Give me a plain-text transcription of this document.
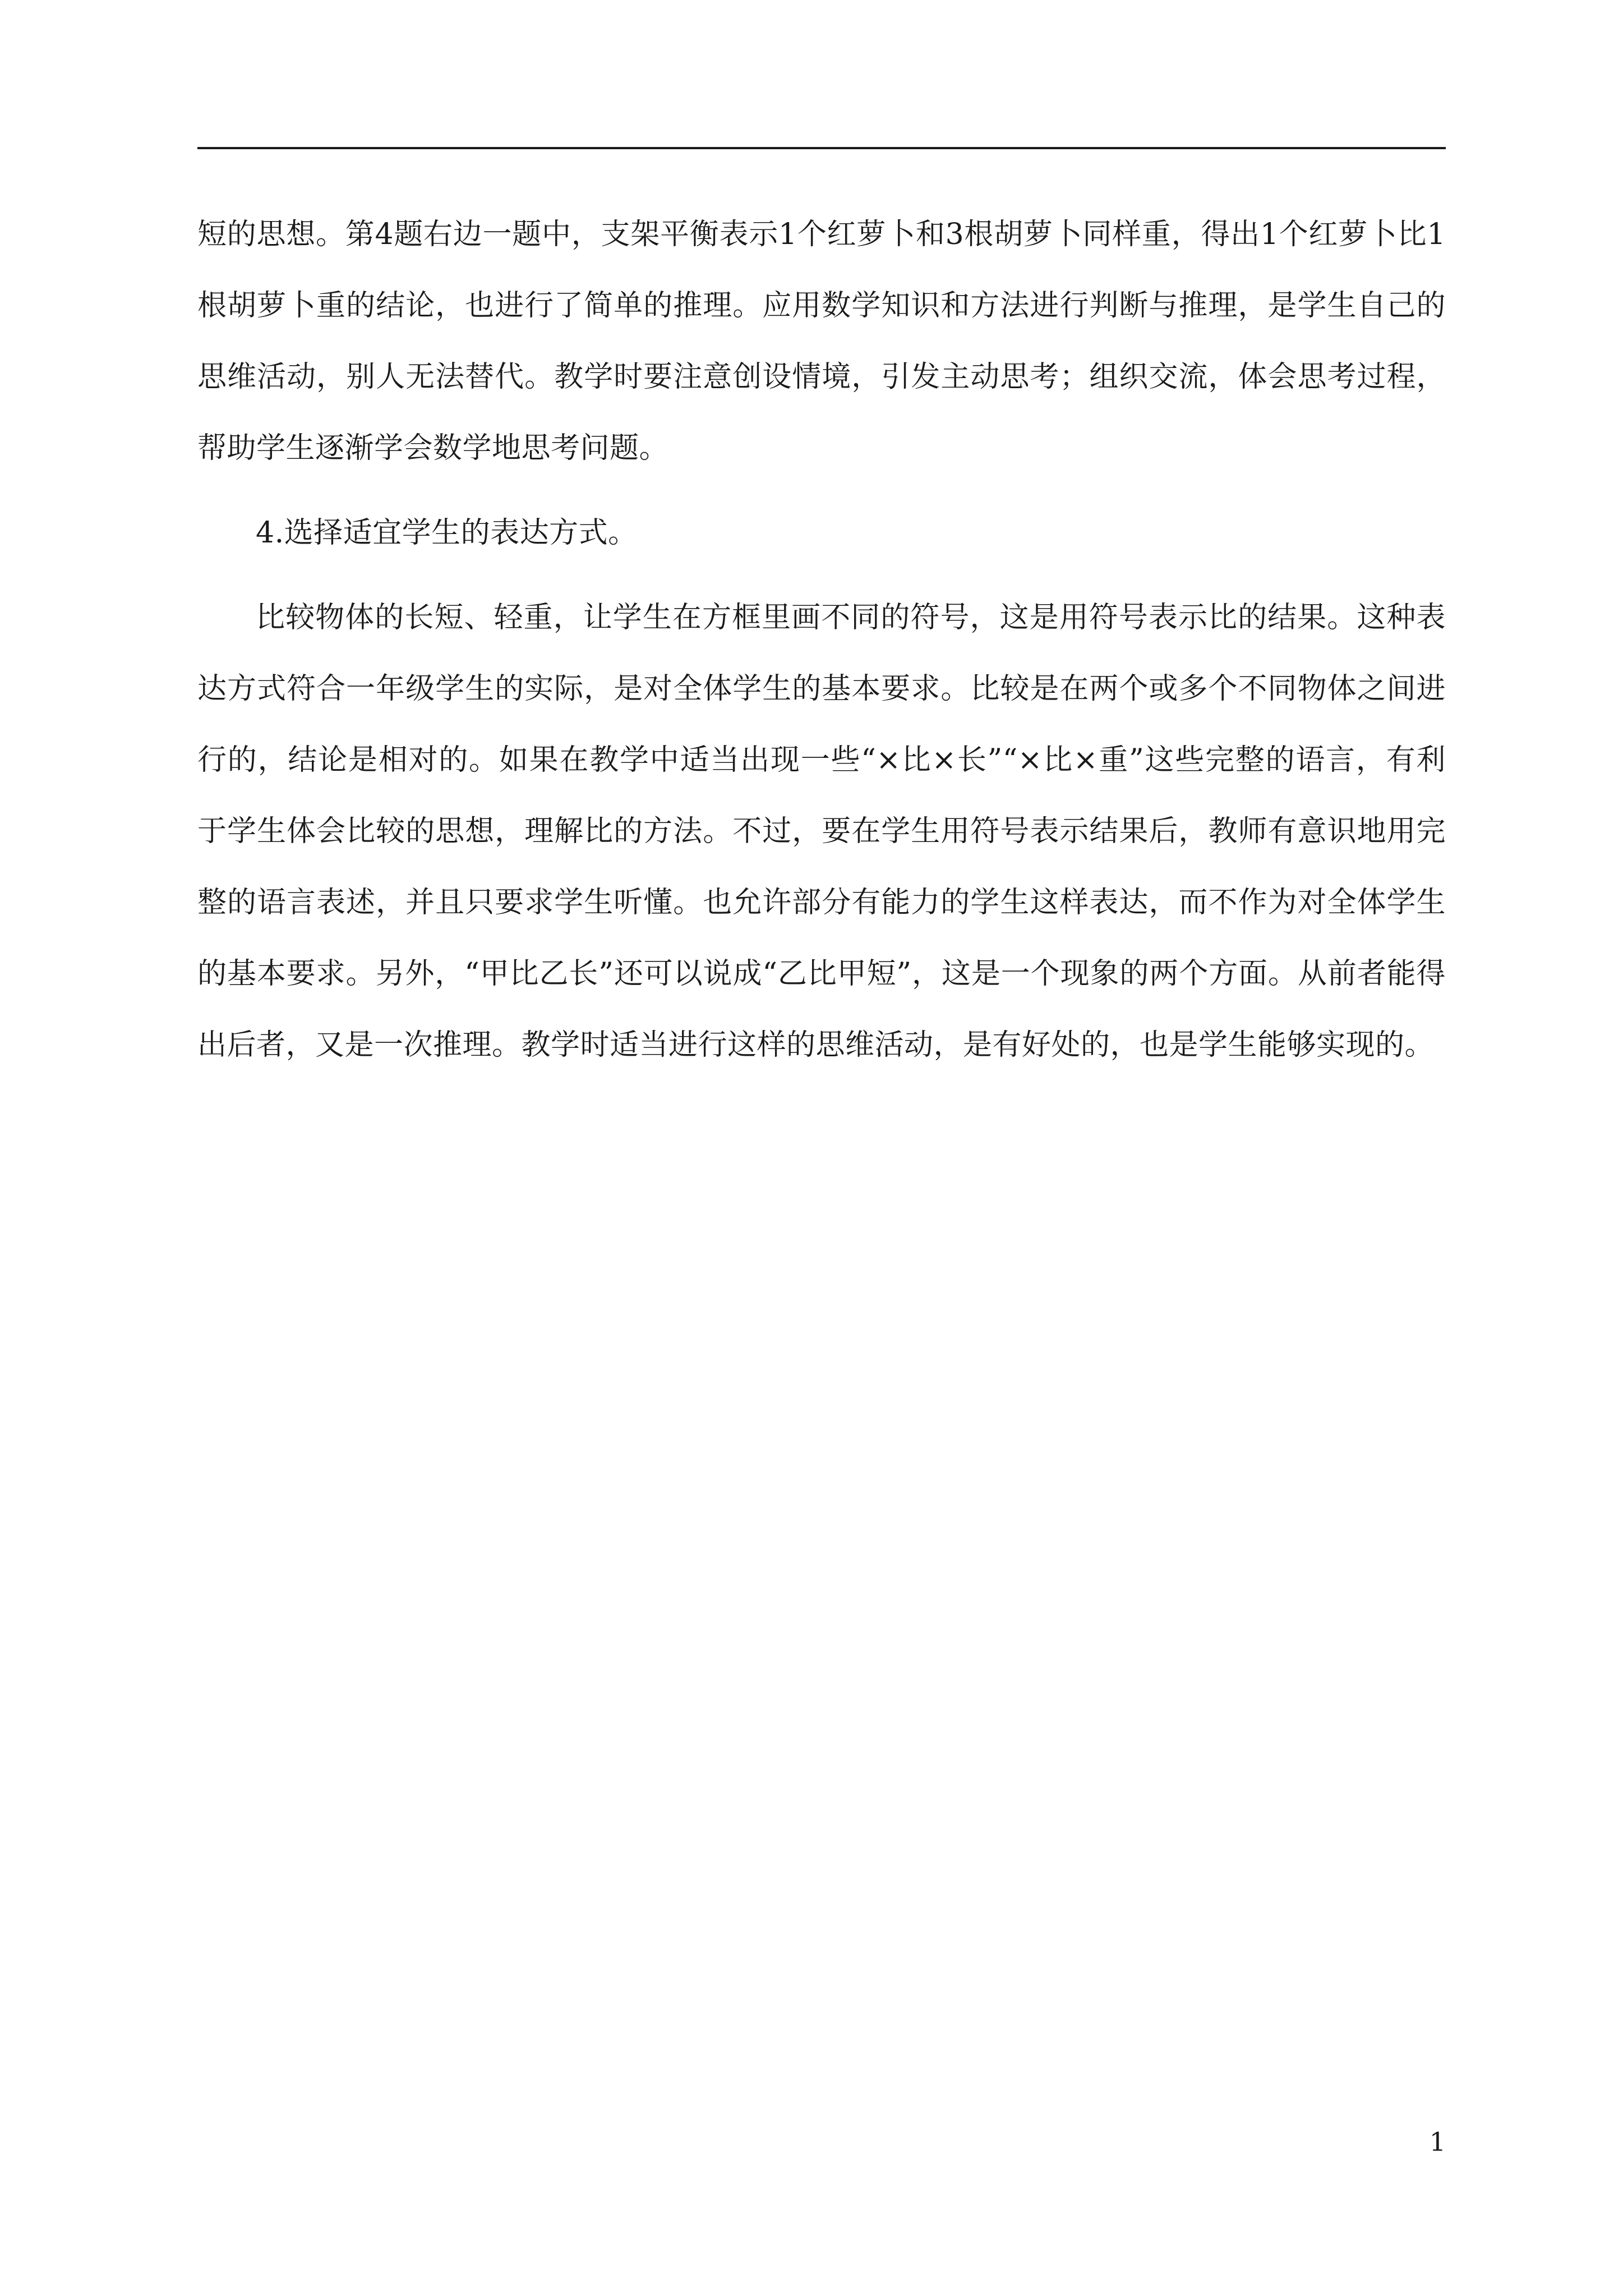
短的思想。第4题右边一题中，支架平衡表示1个红萝卜和3根胡萝卜同样重，得出1个红萝卜比1根胡萝卜重的结论，也进行了简单的推理。应用数学知识和方法进行判断与推理，是学生自己的思维活动，别人无法替代。教学时要注意创设情境，引发主动思考；组织交流，体会思考过程，帮助学生逐渐学会数学地思考问题。

4.选择适宜学生的表达方式。

比较物体的长短、轻重，让学生在方框里画不同的符号，这是用符号表示比的结果。这种表达方式符合一年级学生的实际，是对全体学生的基本要求。比较是在两个或多个不同物体之间进行的，结论是相对的。如果在教学中适当出现一些“×比×长”“×比×重”这些完整的语言，有利于学生体会比较的思想，理解比的方法。不过，要在学生用符号表示结果后，教师有意识地用完整的语言表述，并且只要求学生听懂。也允许部分有能力的学生这样表达，而不作为对全体学生的基本要求。另外，“甲比乙长”还可以说成“乙比甲短”，这是一个现象的两个方面。从前者能得出后者，又是一次推理。教学时适当进行这样的思维活动，是有好处的，也是学生能够实现的。

1
